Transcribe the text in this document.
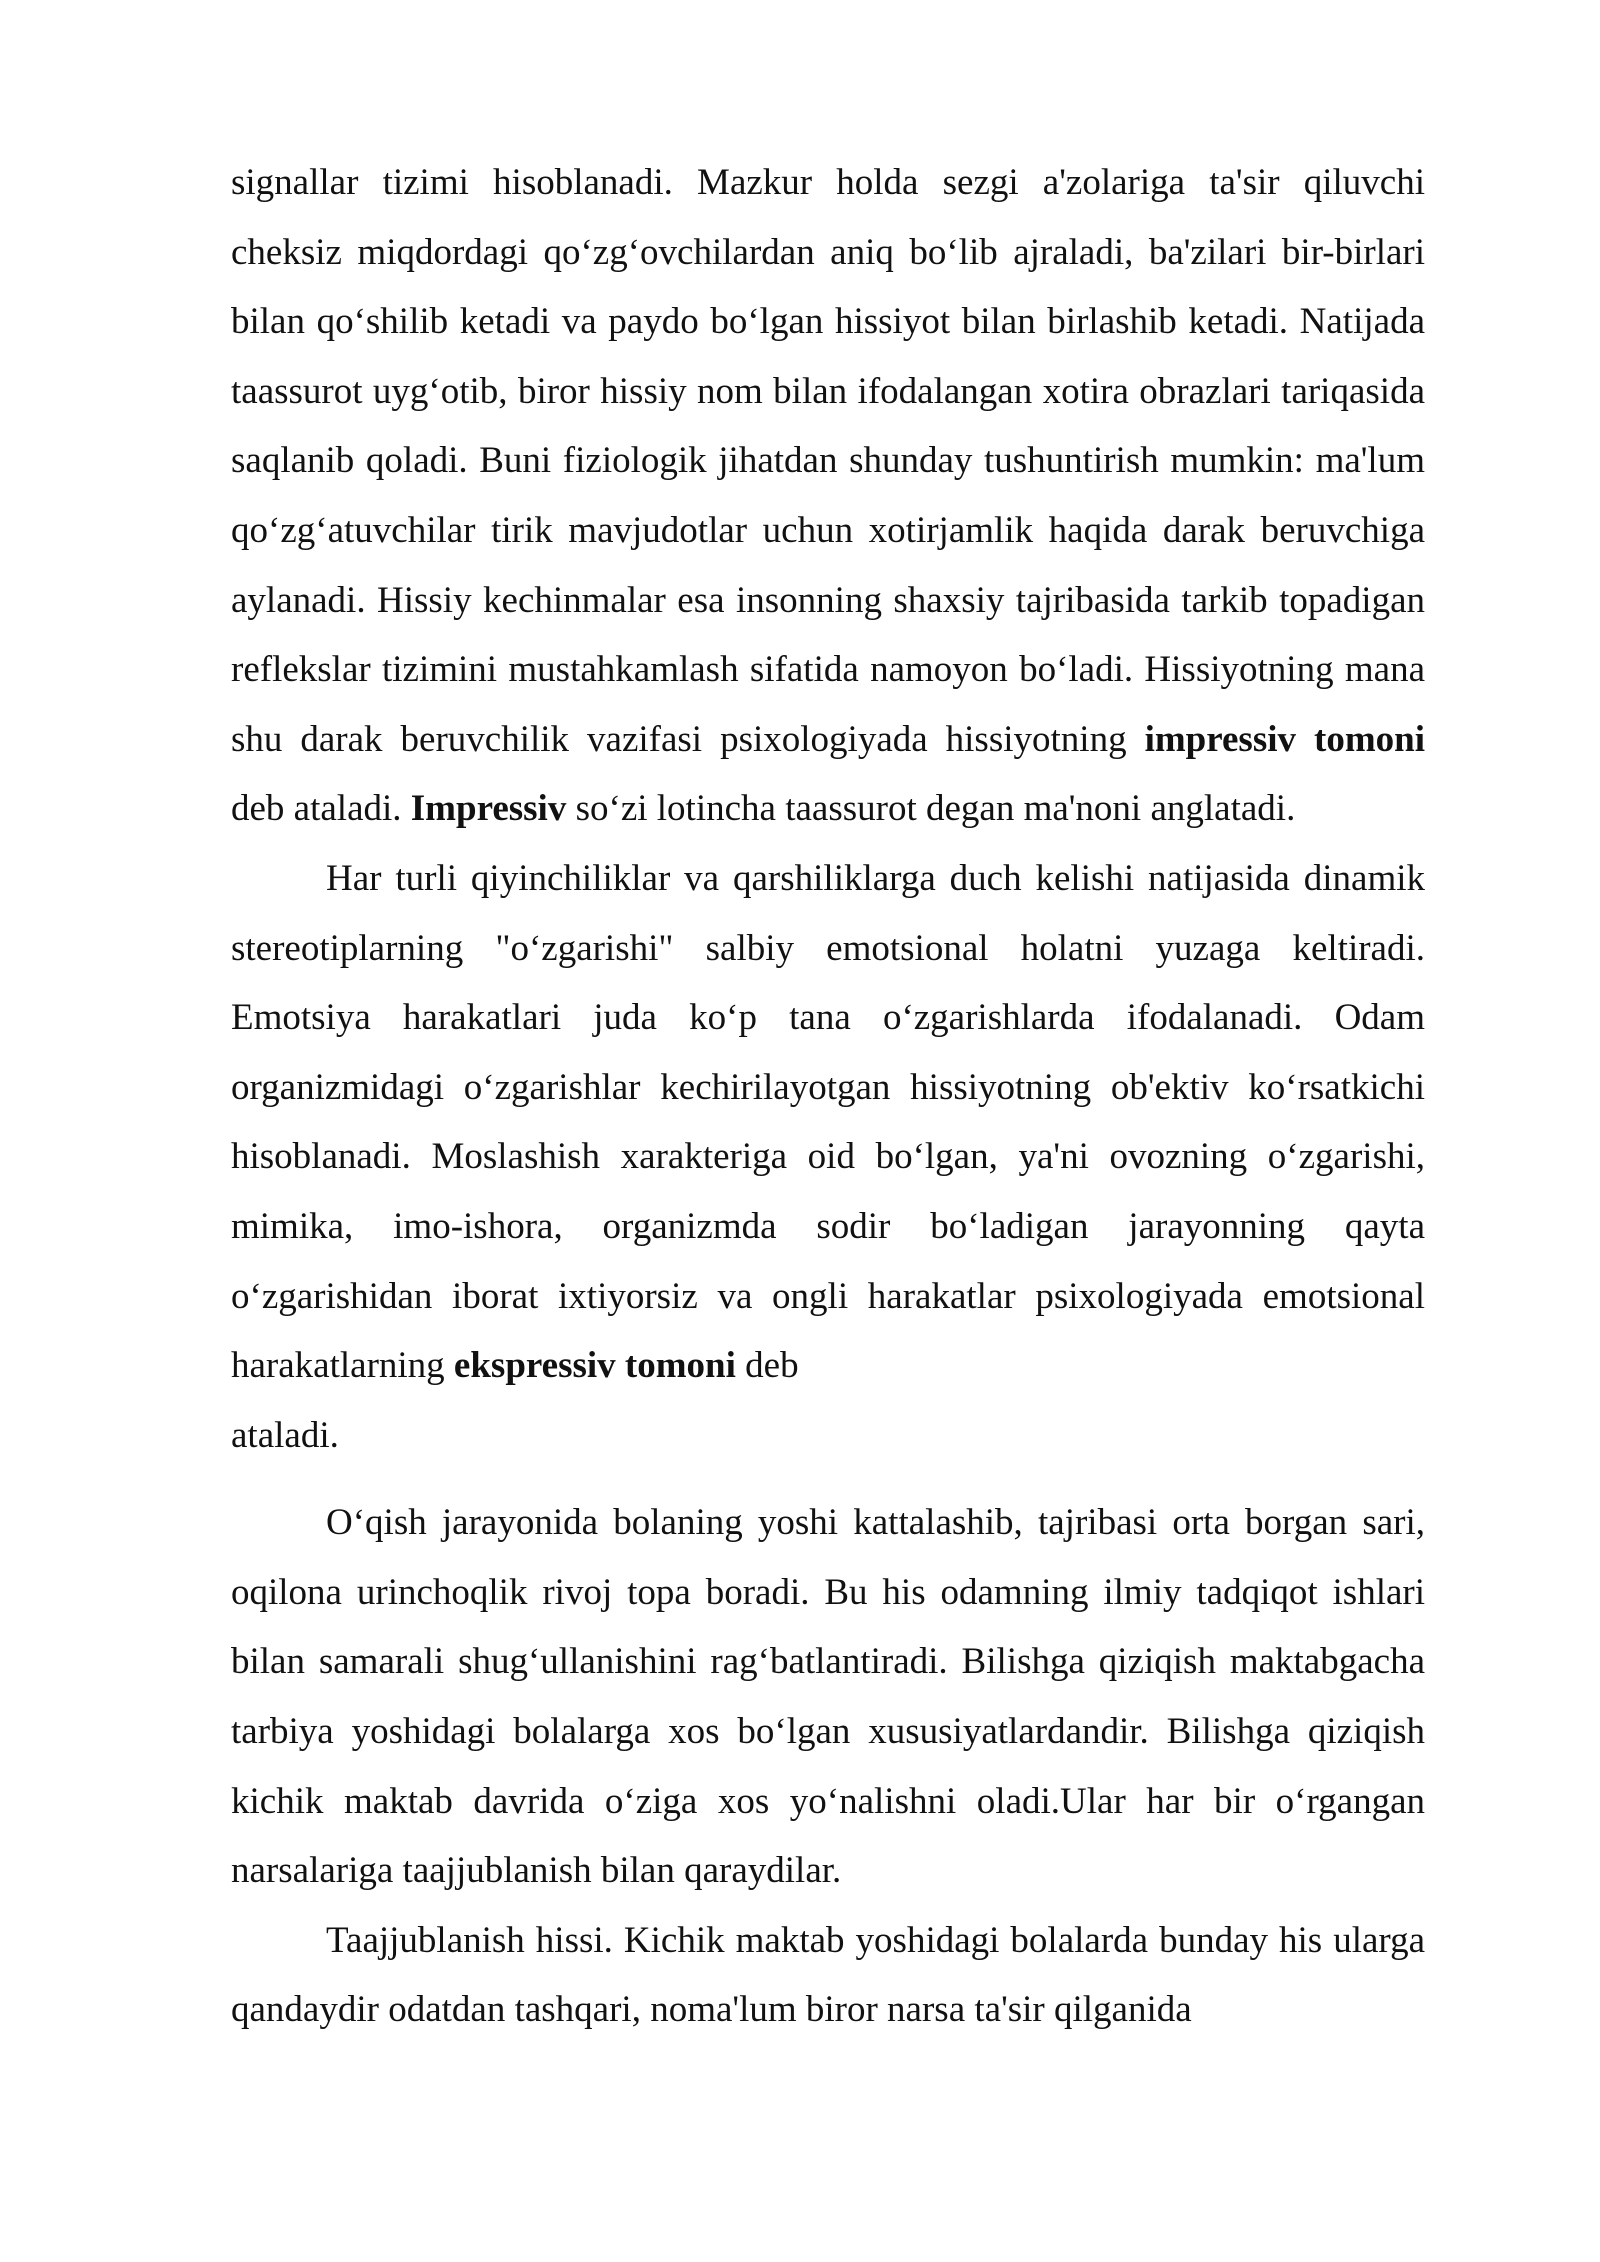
signallar tizimi hisoblanadi. Mazkur holda sezgi a'zolariga ta'sir qiluvchi cheksiz miqdordagi qo‘zg‘ovchilardan aniq bo‘lib ajraladi, ba'zilari bir-birlari bilan qo‘shilib ketadi va paydo bo‘lgan hissiyot bilan birlashib ketadi. Natijada taassurot uyg‘otib, biror hissiy nom bilan ifodalangan xotira obrazlari tariqasida saqlanib qoladi. Buni fiziologik jihatdan shunday tushuntirish mumkin: ma'lum qo‘zg‘atuvchilar tirik mavjudotlar uchun xotirjamlik haqida darak beruvchiga aylanadi. Hissiy kechinmalar esa insonning shaxsiy tajribasida tarkib topadigan reflekslar tizimini mustahkamlash sifatida namoyon bo‘ladi. Hissiyotning mana shu darak beruvchilik vazifasi psixologiyada hissiyotning impressiv tomoni deb ataladi. Impressiv so‘zi lotincha taassurot degan ma'noni anglatadi.

Har turli qiyinchiliklar va qarshiliklarga duch kelishi natijasida dinamik stereotiplarning "o‘zgarishi" salbiy emotsional holatni yuzaga keltiradi. Emotsiya harakatlari juda ko‘p tana o‘zgarishlarda ifodalanadi. Odam organizmidagi o‘zgarishlar kechirilayotgan hissiyotning ob'ektiv ko‘rsatkichi hisoblanadi. Moslashish xarakteriga oid bo‘lgan, ya'ni ovozning o‘zgarishi, mimika, imo-ishora, organizmda sodir bo‘ladigan jarayonning qayta o‘zgarishidan iborat ixtiyorsiz va ongli harakatlar psixologiyada emotsional harakatlarning ekspressiv tomoni deb
ataladi.

O‘qish jarayonida bolaning yoshi kattalashib, tajribasi orta borgan sari, oqilona urinchoqlik rivoj topa boradi. Bu his odamning ilmiy tadqiqot ishlari bilan samarali shug‘ullanishini rag‘batlantiradi. Bilishga qiziqish maktabgacha tarbiya yoshidagi bolalarga xos bo‘lgan xususiyatlardandir. Bilishga qiziqish kichik maktab davrida o‘ziga xos yo‘nalishni oladi.Ular har bir o‘rgangan narsalariga taajjublanish bilan qaraydilar.

Taajjublanish hissi. Kichik maktab yoshidagi bolalarda bunday his ularga qandaydir odatdan tashqari, noma'lum biror narsa ta'sir qilganida
